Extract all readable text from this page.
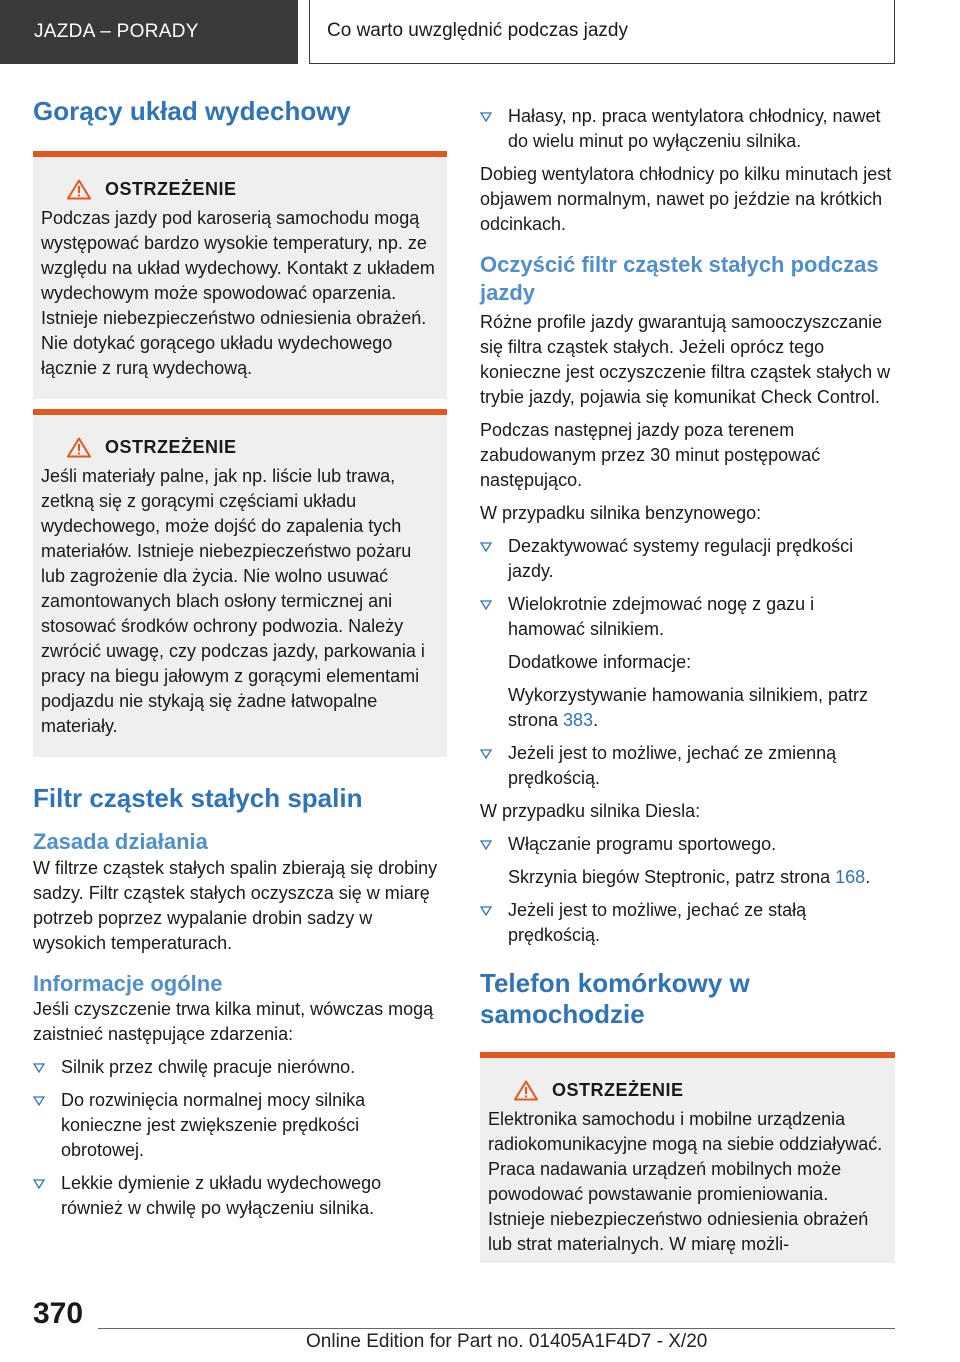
JAZDA – PORADY	Co warto uwzględnić podczas jazdy
Gorący układ wydechowy
OSTRZEŻENIE

Podczas jazdy pod karoserią samochodu mogą występować bardzo wysokie temperatury, np. ze względu na układ wydechowy. Kontakt z układem wydechowym może spowodować oparzenia. Istnieje niebezpieczeństwo odniesienia obrażeń. Nie dotykać gorącego układu wydechowego łącznie z rurą wydechową.

OSTRZEŻENIE

Jeśli materiały palne, jak np. liście lub trawa, zetkną się z gorącymi częściami układu wydechowego, może dojść do zapalenia tych materiałów. Istnieje niebezpieczeństwo pożaru lub zagrożenie dla życia. Nie wolno usuwać zamontowanych blach osłony termicznej ani stosować środków ochrony podwozia. Należy zwrócić uwagę, czy podczas jazdy, parkowania i pracy na biegu jałowym z gorącymi elementami podjazdu nie stykają się żadne łatwopalne materiały.

Filtr cząstek stałych spalin
Zasada działania

W filtrze cząstek stałych spalin zbierają się drobiny sadzy. Filtr cząstek stałych oczyszcza się w miarę potrzeb poprzez wypalanie drobin sadzy w wysokich temperaturach.

Informacje ogólne

Jeśli czyszczenie trwa kilka minut, wówczas mogą zaistnieć następujące zdarzenia:

Silnik przez chwilę pracuje nierówno.
Do rozwinięcia normalnej mocy silnika konieczne jest zwiększenie prędkości obrotowej.
Lekkie dymienie z układu wydechowego również w chwilę po wyłączeniu silnika.
Hałasy, np. praca wentylatora chłodnicy, nawet do wielu minut po wyłączeniu silnika.

Dobieg wentylatora chłodnicy po kilku minutach jest objawem normalnym, nawet po jeździe na krótkich odcinkach.

Oczyścić filtr cząstek stałych podczas jazdy

Różne profile jazdy gwarantują samooczyszczanie się filtra cząstek stałych. Jeżeli oprócz tego konieczne jest oczyszczenie filtra cząstek stałych w trybie jazdy, pojawia się komunikat Check Control.

Podczas następnej jazdy poza terenem zabudowanym przez 30 minut postępować następująco.

W przypadku silnika benzynowego:

Dezaktywować systemy regulacji prędkości jazdy.
Wielokrotnie zdejmować nogę z gazu i hamować silnikiem.
Dodatkowe informacje:
Wykorzystywanie hamowania silnikiem, patrz strona 383.
Jeżeli jest to możliwe, jechać ze zmienną prędkością.

W przypadku silnika Diesla:

Włączanie programu sportowego.
Skrzynia biegów Steptronic, patrz strona 168.
Jeżeli jest to możliwe, jechać ze stałą prędkością.
Telefon komórkowy w samochodzie
OSTRZEŻENIE

Elektronika samochodu i mobilne urządzenia radiokomunikacyjne mogą na siebie oddziaływać. Praca nadawania urządzeń mobilnych może powodować powstawanie promieniowania. Istnieje niebezpieczeństwo odniesienia obrażeń lub strat materialnych. W miarę możli-

370
Online Edition for Part no. 01405A1F4D7 - X/20
